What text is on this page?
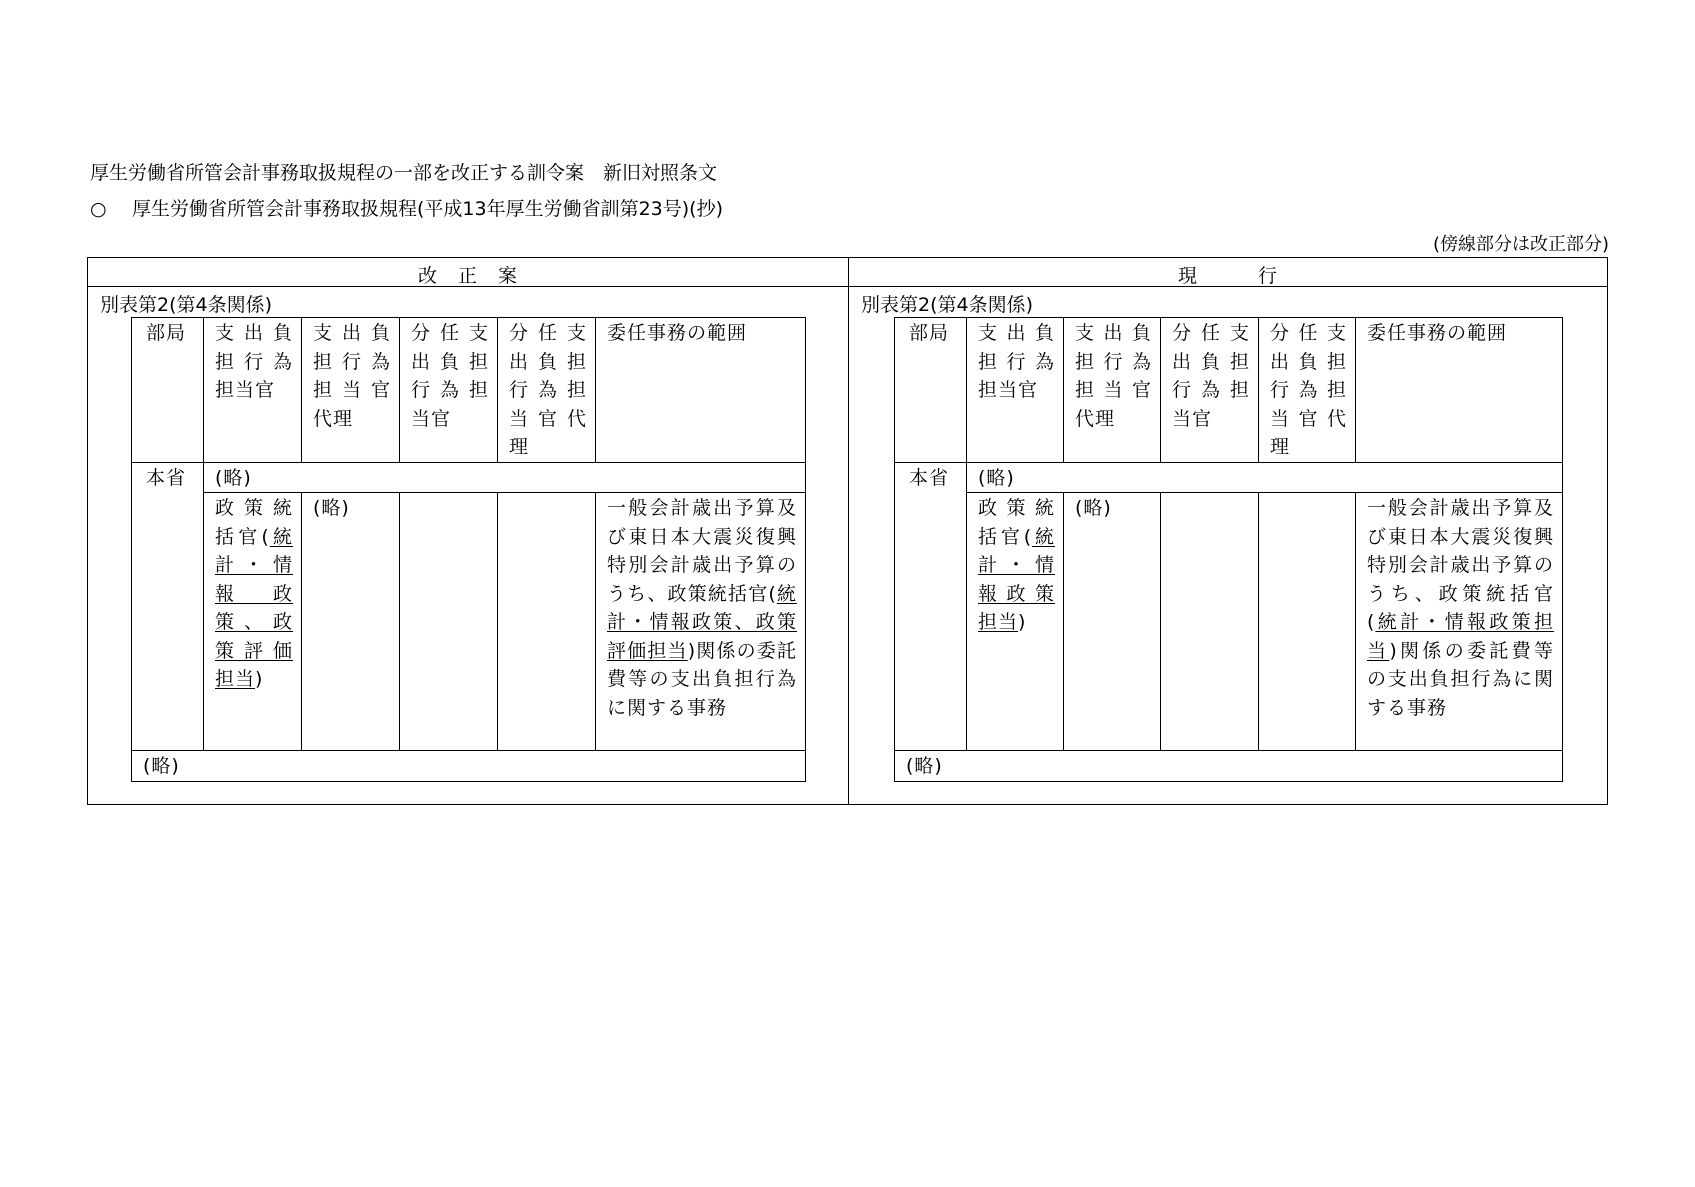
厚生労働省所管会計事務取扱規程の一部を改正する訓令案　新旧対照条文
○ 厚生労働省所管会計事務取扱規程(平成13年厚生労働省訓第23号)(抄)
(傍線部分は改正部分)
改　正　案	現　　　行
別表第2(第4条関係)
部局	支出負担行為担当官	支出負担行為担当官代理	分任支出負担行為担当官	分任支出負担行為担当官代理	委任事務の範囲
本省	(略)				
	政策統括官(統計・情報政策、政策評価担当)	(略)			一般会計歳出予算及び東日本大震災復興特別会計歳出予算のうち、政策統括官(統計・情報政策、政策評価担当)関係の委託費等の支出負担行為に関する事務
(略)					
別表第2(第4条関係)
部局	支出負担行為担当官	支出負担行為担当官代理	分任支出負担行為担当官	分任支出負担行為担当官代理	委任事務の範囲
本省	(略)				
	政策統括官(統計・情報政策担当)	(略)			一般会計歳出予算及び東日本大震災復興特別会計歳出予算のうち、政策統括官(統計・情報政策担当)関係の委託費等の支出負担行為に関する事務
(略)					
